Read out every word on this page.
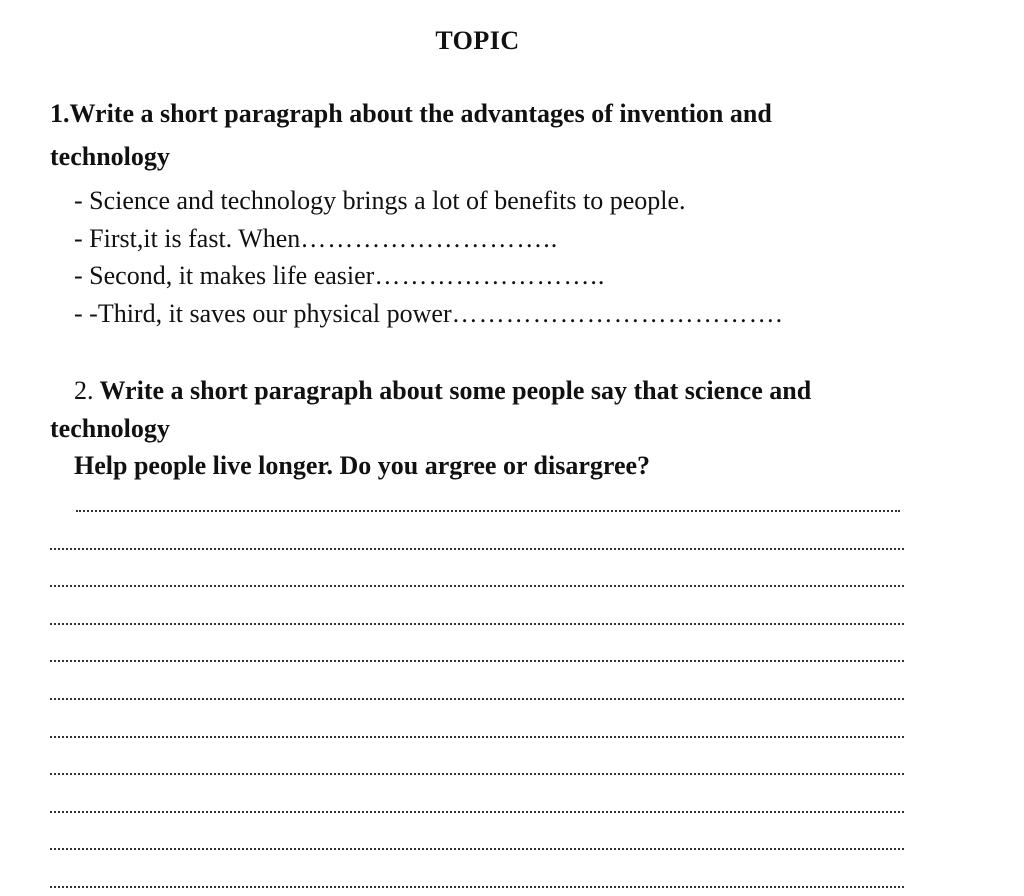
TOPIC
1.Write a short paragraph about the advantages of invention and
technology
- Science and technology brings a lot of benefits to people.
- First,it is fast. When………………………..
- Second, it makes life easier……………………..
- -Third, it saves our physical power……………………………….
2. Write a short paragraph about some people say that science and
technology
Help people live longer. Do you argree or disargree?
